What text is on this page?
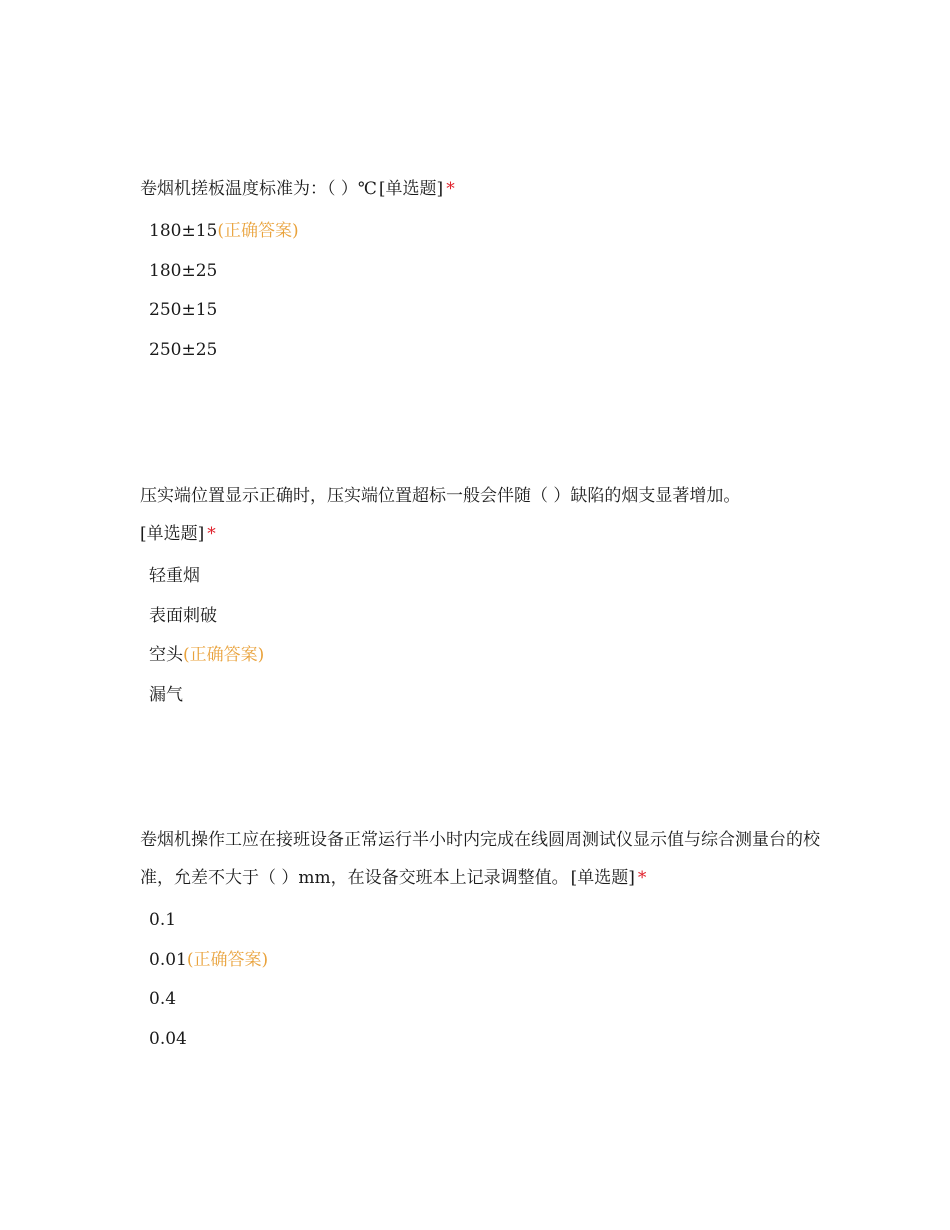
卷烟机搓板温度标准为：（ ）℃ [单选题] *

180±15(正确答案)
180±25
250±15
250±25

压实端位置显示正确时，压实端位置超标一般会伴随（ ）缺陷的烟支显著增加。
[单选题] *

轻重烟
表面刺破
空头(正确答案)
漏气

卷烟机操作工应在接班设备正常运行半小时内完成在线圆周测试仪显示值与综合测量台的校准，允差不大于（ ）mm，在设备交班本上记录调整值。 [单选题] *

0.1
0.01(正确答案)
0.4
0.04
